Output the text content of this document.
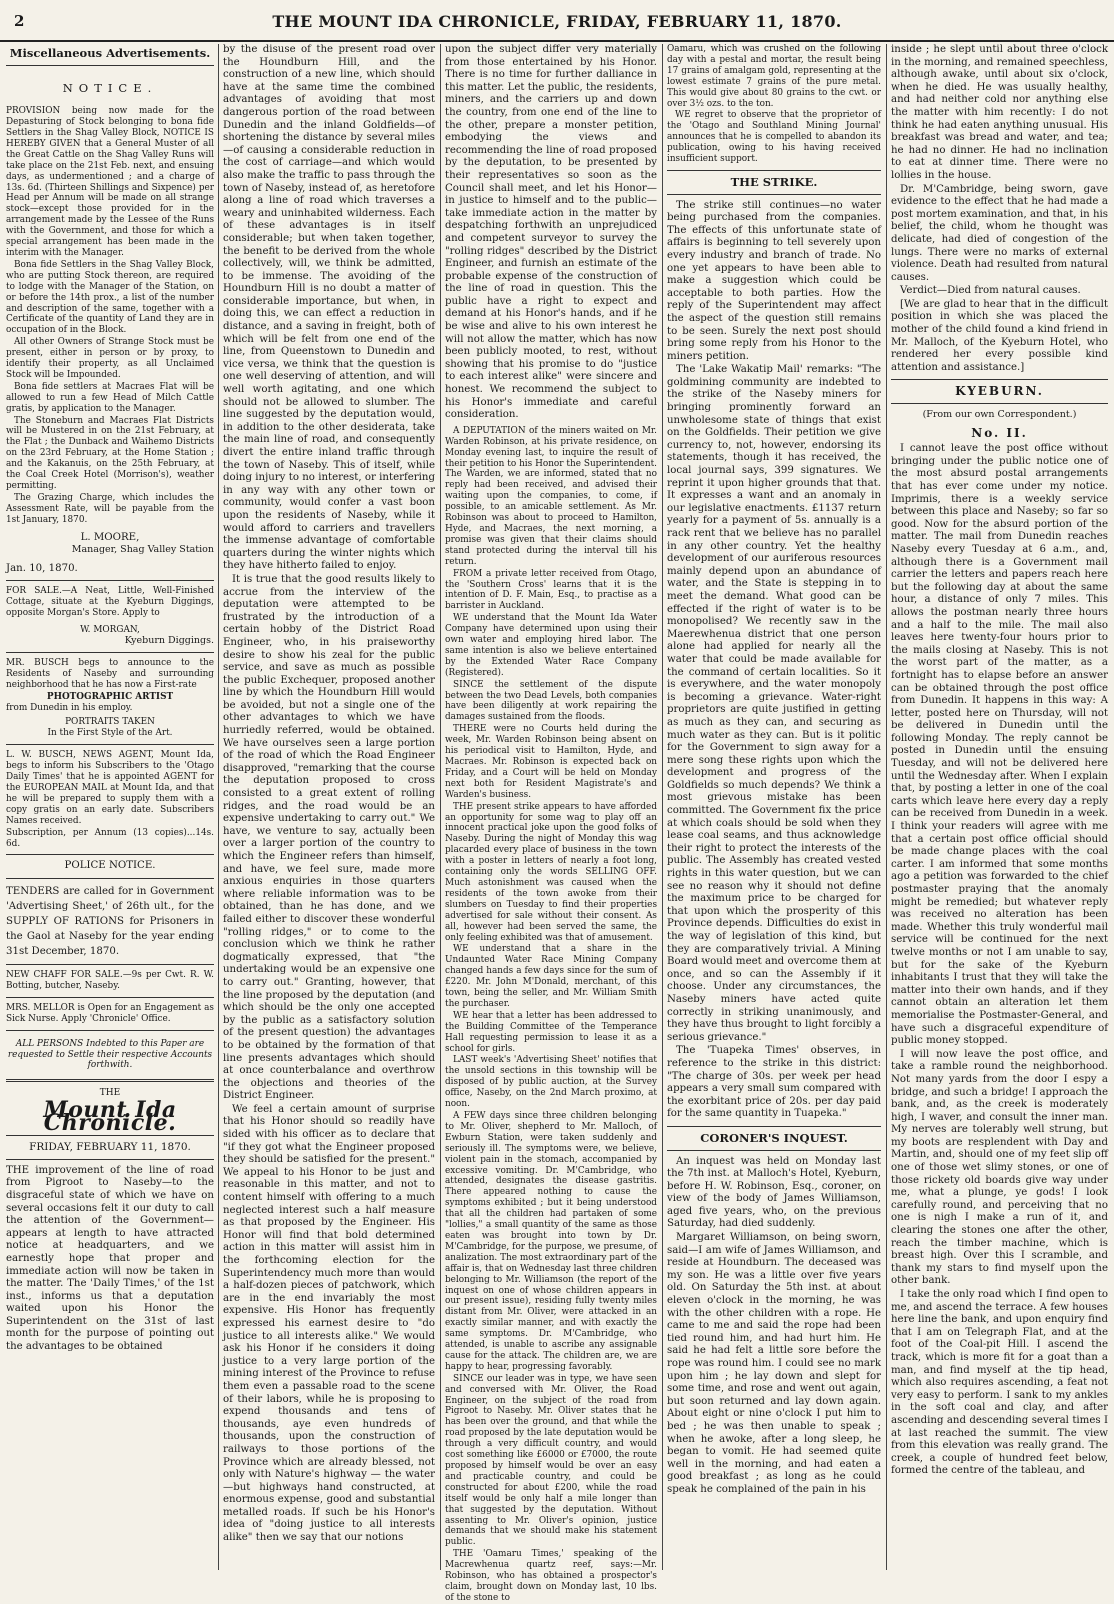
2	THE MOUNT IDA CHRONICLE, FRIDAY, FEBRUARY 11, 1870.
Miscellaneous Advertisements.
NOTICE.

PROVISION being now made for the Depasturing of Stock belonging to bona fide Settlers in the Shag Valley Block, NOTICE IS HEREBY GIVEN that a General Muster of all the Great Cattle on the Shag Valley Runs will take place on the 21st Feb. next, and ensuing days, as undermentioned ; and a charge of 13s. 6d. (Thirteen Shillings and Sixpence) per Head per Annum will be made on all strange stock—except those provided for in the arrangement made by the Lessee of the Runs with the Government, and those for which a special arrangement has been made in the interim with the Manager.

Bona fide Settlers in the Shag Valley Block, who are putting Stock thereon, are required to lodge with the Manager of the Station, on or before the 14th prox., a list of the number and description of the same, together with a Certificate of the quantity of Land they are in occupation of in the Block.

All other Owners of Strange Stock must be present, either in person or by proxy, to identify their property, as all Unclaimed Stock will be Impounded.

Bona fide settlers at Macraes Flat will be allowed to run a few Head of Milch Cattle gratis, by application to the Manager.

The Stoneburn and Macraes Flat Districts will be Mustered in on the 21st February, at the Flat ; the Dunback and Waihemo Districts on the 23rd February, at the Home Station ; and the Kakanuis, on the 25th February, at the Coal Creek Hotel (Morrison's), weather permitting.

The Grazing Charge, which includes the Assessment Rate, will be payable from the 1st January, 1870.

L. MOORE,
Manager, Shag Valley Station
Jan. 10, 1870.

FOR SALE.—A Neat, Little, Well-Finished Cottage, situate at the Kyeburn Diggings, opposite Morgan's Store. Apply to

W. MORGAN,
Kyeburn Diggings.

MR. BUSCH begs to announce to the Residents of Naseby and surrounding neighborhood that he has now a First-rate

PHOTOGRAPHIC ARTIST
from Dunedin in his employ.
PORTRAITS TAKEN
In the First Style of the Art.

L. W. BUSCH, NEWS AGENT, Mount Ida, begs to inform his Subscribers to the 'Otago Daily Times' that he is appointed AGENT for the EUROPEAN MAIL at Mount Ida, and that he will be prepared to supply them with a copy gratis on an early date. Subscribers Names received.

Subscription, per Annum (13 copies)...14s. 6d.
POLICE NOTICE.

TENDERS are called for in Government 'Advertising Sheet,' of 26th ult., for the SUPPLY OF RATIONS for Prisoners in the Gaol at Naseby for the year ending 31st December, 1870.

NEW CHAFF FOR SALE.—9s per Cwt. R. W. Botting, butcher, Naseby.

MRS. MELLOR is Open for an Engagement as Sick Nurse. Apply 'Chronicle' Office.

ALL PERSONS Indebted to this Paper are requested to Settle their respective Accounts forthwith.
THE
Mount Ida Chronicle.
FRIDAY, FEBRUARY 11, 1870.

THE improvement of the line of road from Pigroot to Naseby—to the disgraceful state of which we have on several occasions felt it our duty to call the attention of the Government—appears at length to have attracted notice at headquarters, and we earnestly hope that proper and immediate action will now be taken in the matter. The 'Daily Times,' of the 1st inst., informs us that a deputation waited upon his Honor the Superintendent on the 31st of last month for the purpose of pointing out the advantages to be obtained

by the disuse of the present road over the Houndburn Hill, and the construction of a new line, which should have at the same time the combined advantages of avoiding that most dangerous portion of the road between Dunedin and the inland Goldfields—of shortening the distance by several miles—of causing a considerable reduction in the cost of carriage—and which would also make the traffic to pass through the town of Naseby, instead of, as heretofore along a line of road which traverses a weary and uninhabited wilderness. Each of these advantages is in itself considerable; but when taken together, the benefit to be derived from the whole collectively, will, we think be admitted, to be immense. The avoiding of the Houndburn Hill is no doubt a matter of considerable importance, but when, in doing this, we can effect a reduction in distance, and a saving in freight, both of which will be felt from one end of the line, from Queenstown to Dunedin and vice versa, we think that the question is one well deserving of attention, and will well worth agitating, and one which should not be allowed to slumber. The line suggested by the deputation would, in addition to the other desiderata, take the main line of road, and consequently divert the entire inland traffic through the town of Naseby. This of itself, while doing injury to no interest, or interfering in any way with any other town or community, would confer a vast boon upon the residents of Naseby, while it would afford to carriers and travellers the immense advantage of comfortable quarters during the winter nights which they have hitherto failed to enjoy.

It is true that the good results likely to accrue from the interview of the deputation were attempted to be frustrated by the introduction of a certain hobby of the District Road Engineer, who, in his praiseworthy desire to show his zeal for the public service, and save as much as possible the public Exchequer, proposed another line by which the Houndburn Hill would be avoided, but not a single one of the other advantages to which we have hurriedly referred, would be obtained. We have ourselves seen a large portion of the road of which the Road Engineer disapproved, "remarking that the course the deputation proposed to cross consisted to a great extent of rolling ridges, and the road would be an expensive undertaking to carry out." We have, we venture to say, actually been over a larger portion of the country to which the Engineer refers than himself, and have, we feel sure, made more anxious enquiries in those quarters where reliable information was to be obtained, than he has done, and we failed either to discover these wonderful "rolling ridges," or to come to the conclusion which we think he rather dogmatically expressed, that "the undertaking would be an expensive one to carry out." Granting, however, that the line proposed by the deputation (and which should be the only one accepted by the public as a satisfactory solution of the present question) the advantages to be obtained by the formation of that line presents advantages which should at once counterbalance and overthrow the objections and theories of the District Engineer.

We feel a certain amount of surprise that his Honor should so readily have sided with his officer as to declare that "if they got what the Engineer proposed they should be satisfied for the present." We appeal to his Honor to be just and reasonable in this matter, and not to content himself with offering to a much neglected interest such a half measure as that proposed by the Engineer. His Honor will find that bold determined action in this matter will assist him in the forthcoming election for the Superintendency much more than would a half-dozen pieces of patchwork, which are in the end invariably the most expensive. His Honor has frequently expressed his earnest desire to "do justice to all interests alike." We would ask his Honor if he considers it doing justice to a very large portion of the mining interest of the Province to refuse them even a passable road to the scene of their labors, while he is proposing to expend thousands and tens of thousands, aye even hundreds of thousands, upon the construction of railways to those portions of the Province which are already blessed, not only with Nature's highway — the water—but highways hand constructed, at enormous expense, good and substantial metalled roads. If such be his Honor's idea of "doing justice to all interests alike" then we say that our notions

upon the subject differ very materially from those entertained by his Honor. There is no time for further dalliance in this matter. Let the public, the residents, miners, and the carriers up and down the country, from one end of the line to the other, prepare a monster petition, embodying the views and recommending the line of road proposed by the deputation, to be presented by their representatives so soon as the Council shall meet, and let his Honor—in justice to himself and to the public—take immediate action in the matter by despatching forthwith an unprejudiced and competent surveyor to survey the "rolling ridges" described by the District Engineer, and furnish an estimate of the probable expense of the construction of the line of road in question. This the public have a right to expect and demand at his Honor's hands, and if he be wise and alive to his own interest he will not allow the matter, which has now been publicly mooted, to rest, without showing that his promise to do "justice to each interest alike" were sincere and honest. We recommend the subject to his Honor's immediate and careful consideration.

A DEPUTATION of the miners waited on Mr. Warden Robinson, at his private residence, on Monday evening last, to inquire the result of their petition to his Honor the Superintendent. The Warden, we are informed, stated that no reply had been received, and advised their waiting upon the companies, to come, if possible, to an amicable settlement. As Mr. Robinson was about to proceed to Hamilton, Hyde, and Macraes, the next morning, a promise was given that their claims should stand protected during the interval till his return.

FROM a private letter received from Otago, the 'Southern Cross' learns that it is the intention of D. F. Main, Esq., to practise as a barrister in Auckland.

WE understand that the Mount Ida Water Company have determined upon using their own water and employing hired labor. The same intention is also we believe entertained by the Extended Water Race Company (Registered).

SINCE the settlement of the dispute between the two Dead Levels, both companies have been diligently at work repairing the damages sustained from the floods.

THERE were no Courts held during the week, Mr. Warden Robinson being absent on his periodical visit to Hamilton, Hyde, and Macraes. Mr. Robinson is expected back on Friday, and a Court will be held on Monday next both for Resident Magistrate's and Warden's business.

THE present strike appears to have afforded an opportunity for some wag to play off an innocent practical joke upon the good folks of Naseby. During the night of Monday this wag placarded every place of business in the town with a poster in letters of nearly a foot long, containing only the words SELLING OFF. Much astonishment was caused when the residents of the town awoke from their slumbers on Tuesday to find their properties advertised for sale without their consent. As all, however had been served the same, the only feeling exhibited was that of amusement.

WE understand that a share in the Undaunted Water Race Mining Company changed hands a few days since for the sum of £220. Mr. John M'Donald, merchant, of this town, being the seller, and Mr. William Smith the purchaser.

WE hear that a letter has been addressed to the Building Committee of the Temperance Hall requesting permission to lease it as a school for girls.

LAST week's 'Advertising Sheet' notifies that the unsold sections in this township will be disposed of by public auction, at the Survey office, Naseby, on the 2nd March proximo, at noon.

A FEW days since three children belonging to Mr. Oliver, shepherd to Mr. Malloch, of Ewburn Station, were taken suddenly and seriously ill. The symptoms were, we believe, violent pain in the stomach, accompanied by excessive vomiting. Dr. M'Cambridge, who attended, designates the disease gastritis. There appeared nothing to cause the symptoms exhibited ; but it being understood that all the children had partaken of some "lollies," a small quantity of the same as those eaten was brought into town by Dr. M'Cambridge, for the purpose, we presume, of analization. The most extraordinary part of the affair is, that on Wednesday last three children belonging to Mr. Williamson (the report of the inquest on one of whose children appears in our present issue), residing fully twenty miles distant from Mr. Oliver, were attacked in an exactly similar manner, and with exactly the same symptoms. Dr. M'Cambridge, who attended, is unable to ascribe any assignable cause for the attack. The children are, we are happy to hear, progressing favorably.

SINCE our leader was in type, we have seen and conversed with Mr. Oliver, the Road Engineer, on the subject of the road from Pigroot to Naseby. Mr. Oliver states that he has been over the ground, and that while the road proposed by the late deputation would be through a very difficult country, and would cost something like £6000 or £7000, the route proposed by himself would be over an easy and practicable country, and could be constructed for about £200, while the road itself would be only half a mile longer than that suggested by the deputation. Without assenting to Mr. Oliver's opinion, justice demands that we should make his statement public.

THE 'Oamaru Times,' speaking of the Macrewhenua quartz reef, says:—Mr. Robinson, who has obtained a prospector's claim, brought down on Monday last, 10 lbs. of the stone to

Oamaru, which was crushed on the following day with a pestal and mortar, the result being 17 grains of amalgam gold, representing at the lowest estimate 7 grains of the pure metal. This would give about 80 grains to the cwt. or over 3½ ozs. to the ton.

WE regret to observe that the proprietor of the 'Otago and Southland Mining Journal' announces that he is compelled to abandon its publication, owing to his having received insufficient support.

THE STRIKE.

The strike still continues—no water being purchased from the companies. The effects of this unfortunate state of affairs is beginning to tell severely upon every industry and branch of trade. No one yet appears to have been able to make a suggestion which could be acceptable to both parties. How the reply of the Superintendent may affect the aspect of the question still remains to be seen. Surely the next post should bring some reply from his Honor to the miners petition.

The 'Lake Wakatip Mail' remarks: "The goldmining community are indebted to the strike of the Naseby miners for bringing prominently forward an unwholesome state of things that exist on the Goldfields. Their petition we give currency to, not, however, endorsing its statements, though it has received, the local journal says, 399 signatures. We reprint it upon higher grounds that that. It expresses a want and an anomaly in our legislative enactments. £1137 return yearly for a payment of 5s. annually is a rack rent that we believe has no parallel in any other country. Yet the healthy development of our auriferous resources mainly depend upon an abundance of water, and the State is stepping in to meet the demand. What good can be effected if the right of water is to be monopolised? We recently saw in the Maerewhenua district that one person alone had applied for nearly all the water that could be made available for the command of certain localities. So it is everywhere, and the water monopoly is becoming a grievance. Water-right proprietors are quite justified in getting as much as they can, and securing as much water as they can. But is it politic for the Government to sign away for a mere song these rights upon which the development and progress of the Goldfields so much depends? We think a most grievous mistake has been committed. The Government fix the price at which coals should be sold when they lease coal seams, and thus acknowledge their right to protect the interests of the public. The Assembly has created vested rights in this water question, but we can see no reason why it should not define the maximum price to be charged for that upon which the prosperity of this Province depends. Difficulties do exist in the way of legislation of this kind, but they are comparatively trivial. A Mining Board would meet and overcome them at once, and so can the Assembly if it choose. Under any circumstances, the Naseby miners have acted quite correctly in striking unanimously, and they have thus brought to light forcibly a serious grievance."

The 'Tuapeka Times' observes, in reference to the strike in this district: "The charge of 30s. per week per head appears a very small sum compared with the exorbitant price of 20s. per day paid for the same quantity in Tuapeka."

CORONER'S INQUEST.

An inquest was held on Monday last the 7th inst. at Malloch's Hotel, Kyeburn, before H. W. Robinson, Esq., coroner, on view of the body of James Williamson, aged five years, who, on the previous Saturday, had died suddenly.

Margaret Williamson, on being sworn, said—I am wife of James Williamson, and reside at Houndburn. The deceased was my son. He was a little over five years old. On Saturday the 5th inst. at about eleven o'clock in the morning, he was with the other children with a rope. He came to me and said the rope had been tied round him, and had hurt him. He said he had felt a little sore before the rope was round him. I could see no mark upon him ; he lay down and slept for some time, and rose and went out again, but soon returned and lay down again. About eight or nine o'clock I put him to bed ; he was then unable to speak ; when he awoke, after a long sleep, he began to vomit. He had seemed quite well in the morning, and had eaten a good breakfast ; as long as he could speak he complained of the pain in his

inside ; he slept until about three o'clock in the morning, and remained speechless, although awake, until about six o'clock, when he died. He was usually healthy, and had neither cold nor anything else the matter with him recently: I do not think he had eaten anything unusual. His breakfast was bread and water, and tea; he had no dinner. He had no inclination to eat at dinner time. There were no lollies in the house.

Dr. M'Cambridge, being sworn, gave evidence to the effect that he had made a post mortem examination, and that, in his belief, the child, whom he thought was delicate, had died of congestion of the lungs. There were no marks of external violence. Death had resulted from natural causes.

Verdict—Died from natural causes.

[We are glad to hear that in the difficult position in which she was placed the mother of the child found a kind friend in Mr. Malloch, of the Kyeburn Hotel, who rendered her every possible kind attention and assistance.]

KYEBURN.
(From our own Correspondent.)
No. II.

I cannot leave the post office without bringing under the public notice one of the most absurd postal arrangements that has ever come under my notice. Imprimis, there is a weekly service between this place and Naseby; so far so good. Now for the absurd portion of the matter. The mail from Dunedin reaches Naseby every Tuesday at 6 a.m., and, although there is a Government mail carrier the letters and papers reach here but the following day at about the same hour, a distance of only 7 miles. This allows the postman nearly three hours and a half to the mile. The mail also leaves here twenty-four hours prior to the mails closing at Naseby. This is not the worst part of the matter, as a fortnight has to elapse before an answer can be obtained through the post office from Dunedin. It happens in this way: A letter, posted here on Thursday, will not be delivered in Dunedin until the following Monday. The reply cannot be posted in Dunedin until the ensuing Tuesday, and will not be delivered here until the Wednesday after. When I explain that, by posting a letter in one of the coal carts which leave here every day a reply can be received from Dunedin in a week. I think your readers will agree with me that a certain post office official should be made change places with the coal carter. I am informed that some months ago a petition was forwarded to the chief postmaster praying that the anomaly might be remedied; but whatever reply was received no alteration has been made. Whether this truly wonderful mail service will be continued for the next twelve months or not I am unable to say, but for the sake of the Kyeburn inhabitants I trust that they will take the matter into their own hands, and if they cannot obtain an alteration let them memorialise the Postmaster-General, and have such a disgraceful expenditure of public money stopped.

I will now leave the post office, and take a ramble round the neighborhood. Not many yards from the door I espy a bridge, and such a bridge! I approach the bank, and, as the creek is moderately high, I waver, and consult the inner man. My nerves are tolerably well strung, but my boots are resplendent with Day and Martin, and, should one of my feet slip off one of those wet slimy stones, or one of those rickety old boards give way under me, what a plunge, ye gods! I look carefully round, and perceiving that no one is nigh I make a run of it, and clearing the stones one after the other, reach the timber machine, which is breast high. Over this I scramble, and thank my stars to find myself upon the other bank.

I take the only road which I find open to me, and ascend the terrace. A few houses here line the bank, and upon enquiry find that I am on Telegraph Flat, and at the foot of the Coal-pit Hill. I ascend the track, which is more fit for a goat than a man, and find myself at the tip head, which also requires ascending, a feat not very easy to perform. I sank to my ankles in the soft coal and clay, and after ascending and descending several times I at last reached the summit. The view from this elevation was really grand. The creek, a couple of hundred feet below, formed the centre of the tableau, and
